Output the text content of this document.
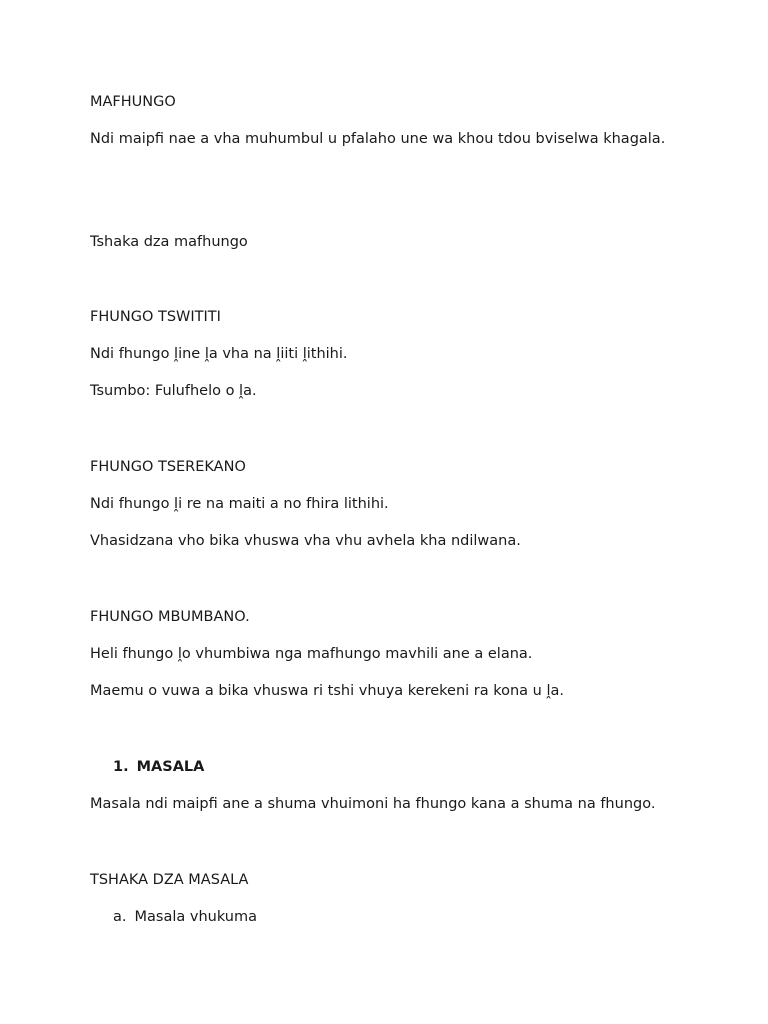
MAFHUNGO

Ndi maipfi nae a vha muhumbul u pfalaho une wa khou tdou bviselwa khagala.

Tshaka dza mafhungo

FHUNGO TSWITITI

Ndi fhungo ḽine ḽa vha na ḽiiti ḽithihi.

Tsumbo: Fulufhelo o ḽa.

FHUNGO TSEREKANO

Ndi fhungo ḽi re na maiti a no fhira lithihi.

Vhasidzana vho bika vhuswa vha vhu avhela kha ndilwana.

FHUNGO MBUMBANO.

Heli fhungo ḽo vhumbiwa nga mafhungo mavhili ane a elana.

Maemu o vuwa a bika vhuswa ri tshi vhuya kerekeni ra kona u ḽa.

1. MASALA

Masala ndi maipfi ane a shuma vhuimoni ha fhungo kana a shuma na fhungo.

TSHAKA DZA MASALA

a. Masala vhukuma
